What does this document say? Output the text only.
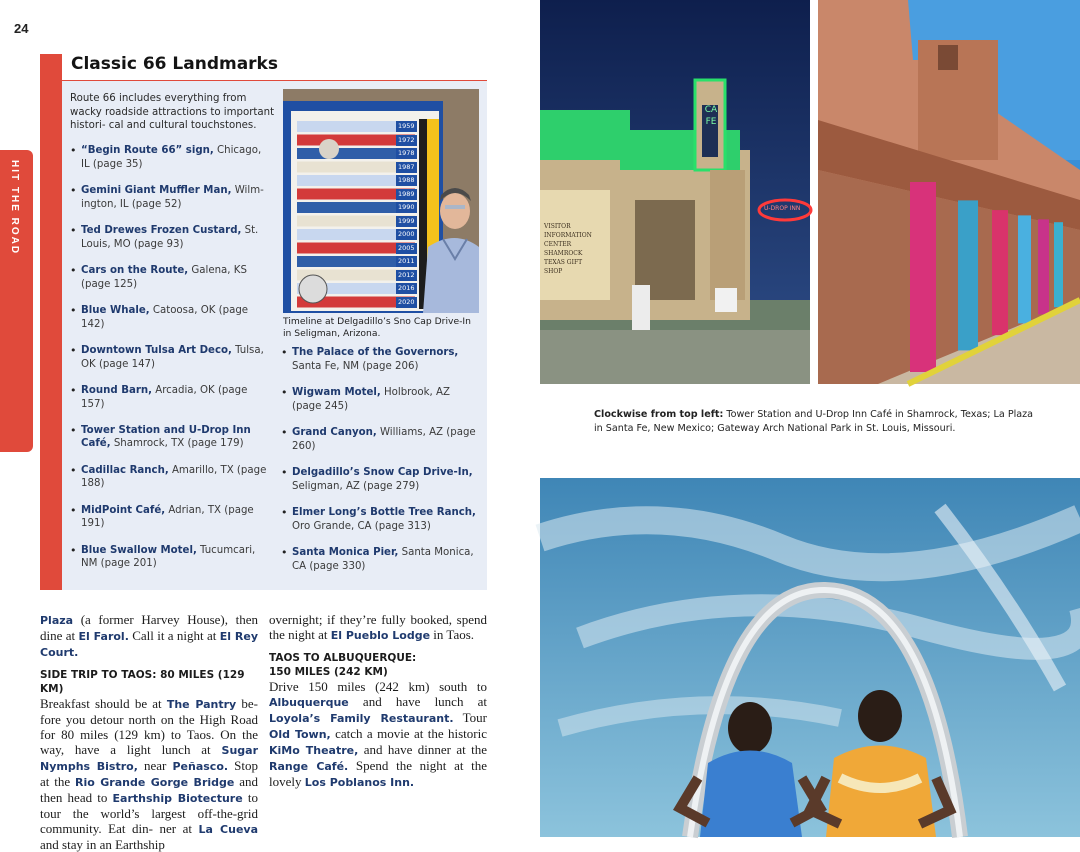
24
HIT THE ROAD
Classic 66 Landmarks

Route 66 includes everything from wacky roadside attractions to important histori- cal and cultural touchstones.

• “Begin Route 66” sign, Chicago, IL (page 35)
• Gemini Giant Muffler Man, Wilm- ington, IL (page 52)
• Ted Drewes Frozen Custard, St. Louis, MO (page 93)
• Cars on the Route, Galena, KS (page 125)
• Blue Whale, Catoosa, OK (page 142)
• Downtown Tulsa Art Deco, Tulsa, OK (page 147)
• Round Barn, Arcadia, OK (page 157)
• Tower Station and U-Drop Inn Café, Shamrock, TX (page 179)
• Cadillac Ranch, Amarillo, TX (page 188)
• MidPoint Café, Adrian, TX (page 191)
• Blue Swallow Motel, Tucumcari, NM (page 201)
• The Palace of the Governors, Santa Fe, NM (page 206)
• Wigwam Motel, Holbrook, AZ (page 245)
• Grand Canyon, Williams, AZ (page 260)
• Delgadillo’s Snow Cap Drive-In, Seligman, AZ (page 279)
• Elmer Long’s Bottle Tree Ranch, Oro Grande, CA (page 313)
• Santa Monica Pier, Santa Monica, CA (page 330)
1959
1972
1978
1987
1988
1989
1990
1999
2000
2005
2011
2012
2016
2020

Timeline at Delgadillo’s Sno Cap Drive-In in Seligman, Arizona.

Plaza (a former Harvey House), then dine at El Farol. Call it a night at El Rey Court.

SIDE TRIP TO TAOS: 80 MILES (129 KM)

Breakfast should be at The Pantry be- fore you detour north on the High Road for 80 miles (129 km) to Taos. On the way, have a light lunch at Sugar Nymphs Bistro, near Peñasco. Stop at the Rio Grande Gorge Bridge and then head to Earthship Biotecture to tour the world’s largest off-the-grid community. Eat din- ner at La Cueva and stay in an Earthship

overnight; if they’re fully booked, spend the night at El Pueblo Lodge in Taos.

TAOS TO ALBUQUERQUE:
150 MILES (242 KM)

Drive 150 miles (242 km) south to Albuquerque and have lunch at Loyola’s Family Restaurant. Tour Old Town, catch a movie at the historic KiMo Theatre, and have dinner at the Range Café. Spend the night at the lovely Los Poblanos Inn.

CAFE
U-DROP INN
VISITOR INFORMATION CENTER SHAMROCK TEXAS GIFT SHOP

Clockwise from top left: Tower Station and U-Drop Inn Café in Shamrock, Texas; La Plaza in Santa Fe, New Mexico; Gateway Arch National Park in St. Louis, Missouri.
